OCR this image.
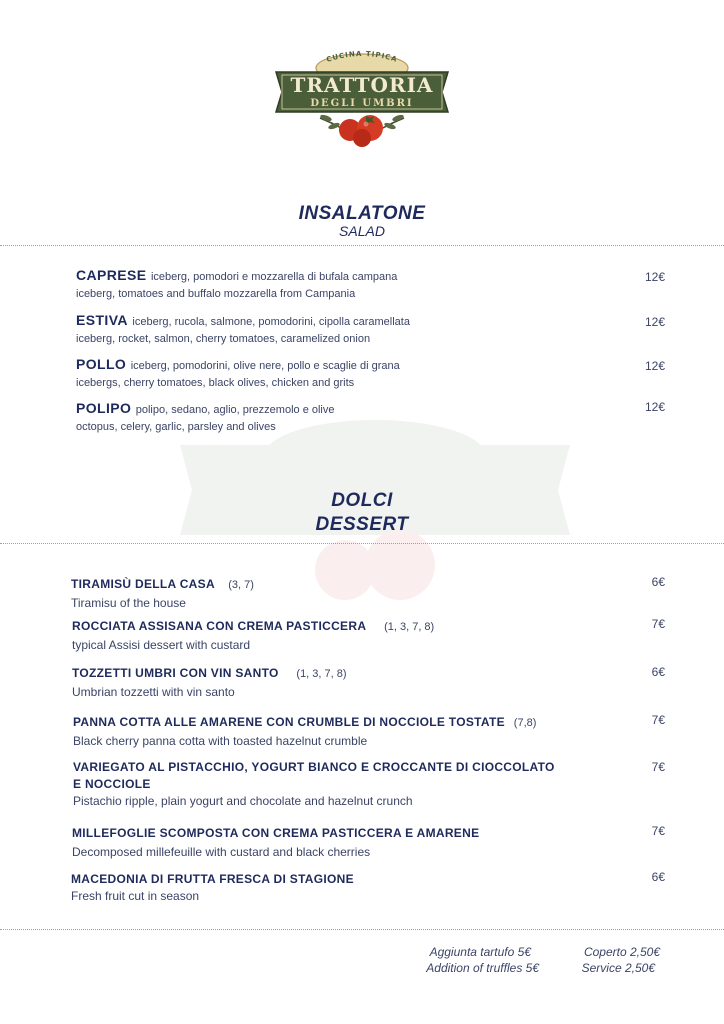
CUCINA TIPICA
TRATTORIA
DEGLI UMBRI
INSALATONE
SALAD
CAPRESE iceberg, pomodori e mozzarella di bufala campana
iceberg, tomatoes and buffalo mozzarella from Campania
12€
ESTIVA iceberg, rucola, salmone, pomodorini, cipolla caramellata
iceberg, rocket, salmon, cherry tomatoes, caramelized onion
12€
POLLO iceberg, pomodorini, olive nere, pollo e scaglie di grana
icebergs, cherry tomatoes, black olives, chicken and grits
12€
POLIPO polipo, sedano, aglio, prezzemolo e olive
octopus, celery, garlic, parsley and olives
12€
DOLCI
DESSERT
TIRAMISÙ DELLA CASA (3, 7)
Tiramisu of the house
6€
ROCCIATA ASSISANA CON CREMA PASTICCERA (1, 3, 7, 8)
typical Assisi dessert with custard
7€
TOZZETTI UMBRI CON VIN SANTO (1, 3, 7, 8)
Umbrian tozzetti with vin santo
6€
PANNA COTTA ALLE AMARENE CON CRUMBLE DI NOCCIOLE TOSTATE (7,8)
Black cherry panna cotta with toasted hazelnut crumble
7€
VARIEGATO AL PISTACCHIO, YOGURT BIANCO E CROCCANTE DI CIOCCOLATO
E NOCCIOLE
Pistachio ripple, plain yogurt and chocolate and hazelnut crunch
7€
MILLEFOGLIE SCOMPOSTA CON CREMA PASTICCERA E AMARENE
Decomposed millefeuille with custard and black cherries
7€
MACEDONIA DI FRUTTA FRESCA DI STAGIONE
Fresh fruit cut in season
6€
Aggiunta tartufo 5€
Addition of truffles 5€
Coperto 2,50€
Service 2,50€
